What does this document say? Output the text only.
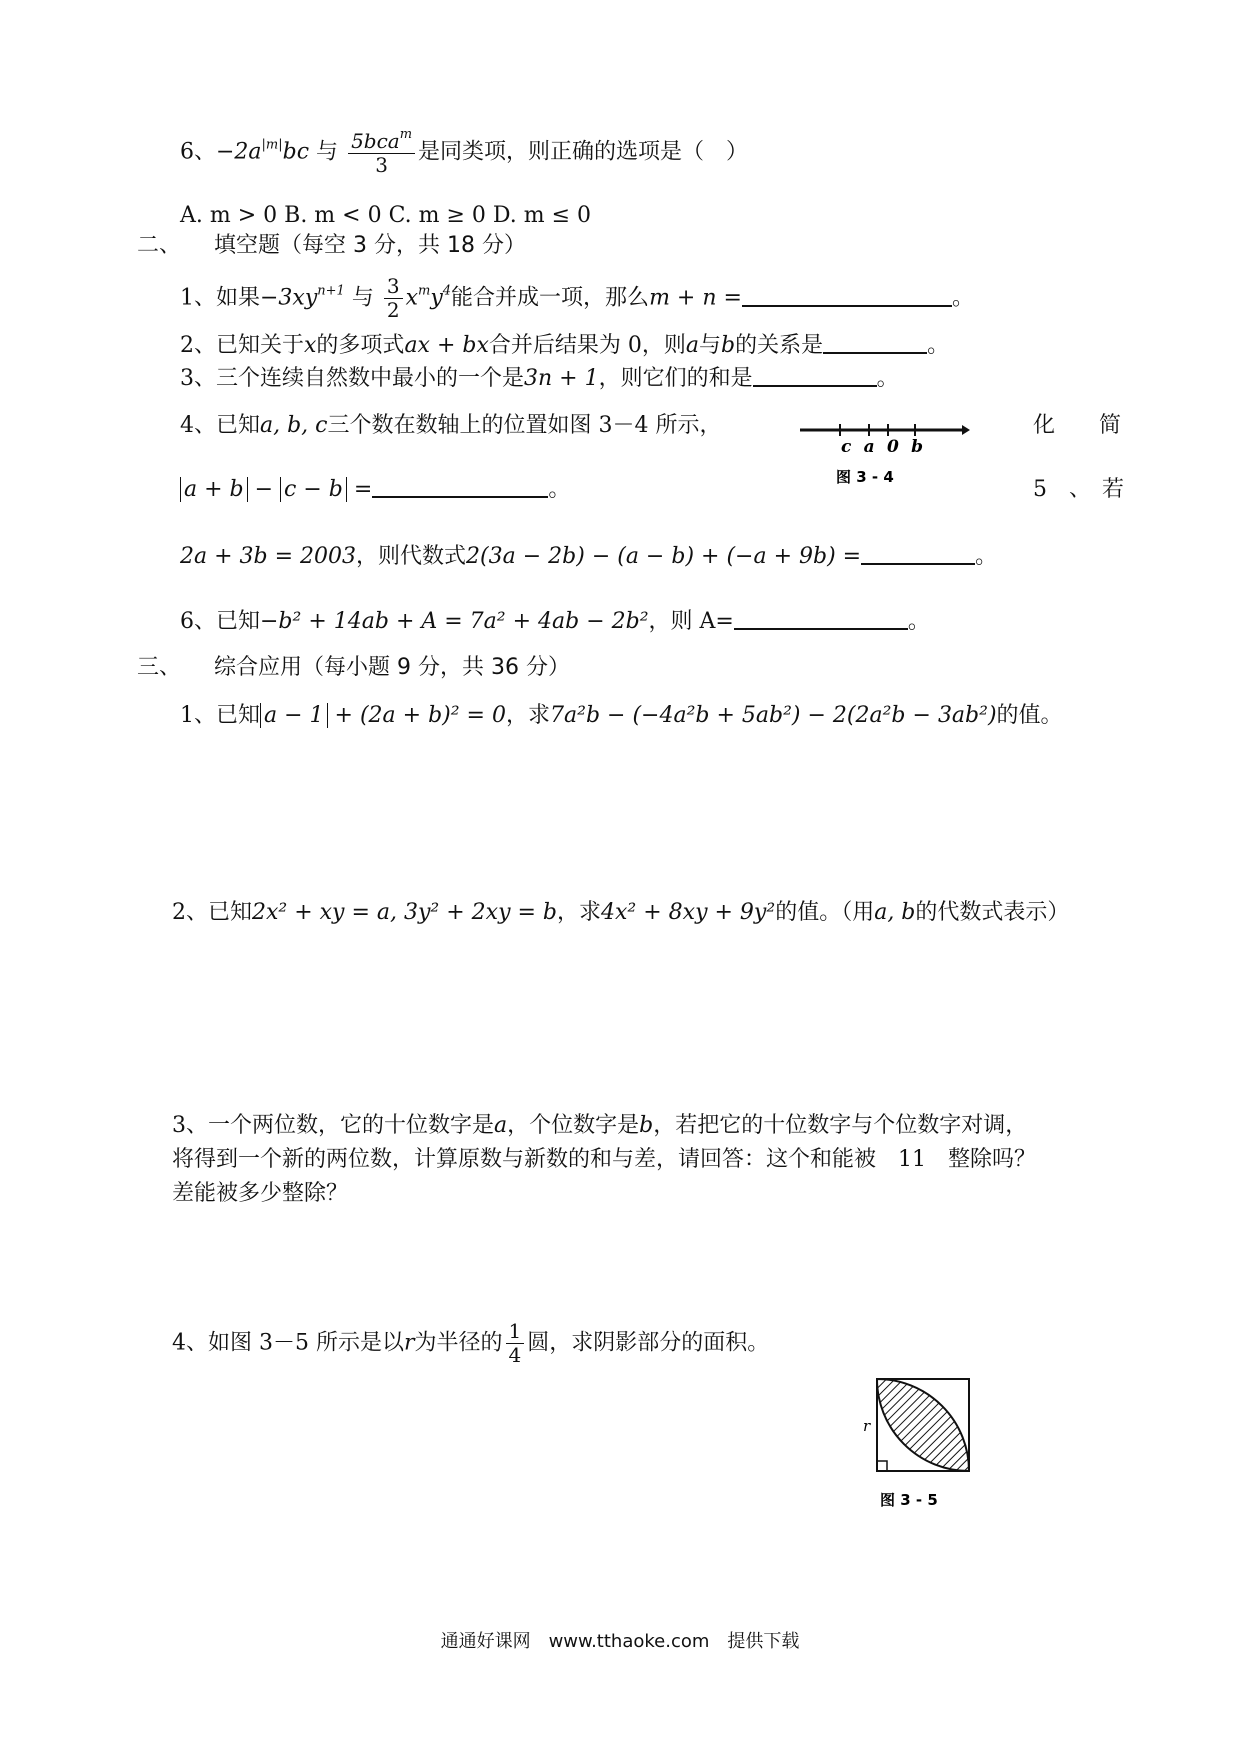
6、$-2a^{|m|}bc$ 与 $\frac{5bca^m}{3}$ 是同类项，则正确的选项是（　）
A. m > 0 B. m < 0 C. m ≥ 0 D. m ≤ 0
二、　　填空题（每空 3 分，共 18 分）
1、如果$-3xy^{n+1}$ 与 $\frac{3}{2} x^my^4$能合并成一项，那么m + n =	。
2、已知关于x的多项式ax + bx合并后结果为 0，则a与b的关系是	。
3、三个连续自然数中最小的一个是3n + 1，则它们的和是	。
4、已知a, b, c三个数在数轴上的位置如图 3－4 所示，	化　　简
c a 0 b
图 3 - 4
a + b − c − b =	。	5　、　若
2a + 3b = 2003，则代数式2(3a − 2b) − (a − b) + (−a + 9b) =	。
6、已知−b² + 14ab + A = 7a² + 4ab − 2b²，则 A=	。
三、　　综合应用（每小题 9 分，共 36 分）
1、已知 a − 1 + (2a + b)² = 0，求7a²b − (−4a²b + 5ab²) − 2(2a²b − 3ab²)的值。
2、已知2x² + xy = a, 3y² + 2xy = b，求4x² + 8xy + 9y²的值。（用a, b的代数式表示）
3、一个两位数，它的十位数字是a，个位数字是b，若把它的十位数字与个位数字对调，
将得到一个新的两位数，计算原数与新数的和与差，请回答：这个和能被　11　整除吗？
差能被多少整除？
4、如图 3－5 所示是以r为半径的 $\frac{1}{4}$ 圆，求阴影部分的面积。
r
图 3 - 5
通通好课网　www.tthaoke.com　提供下载
